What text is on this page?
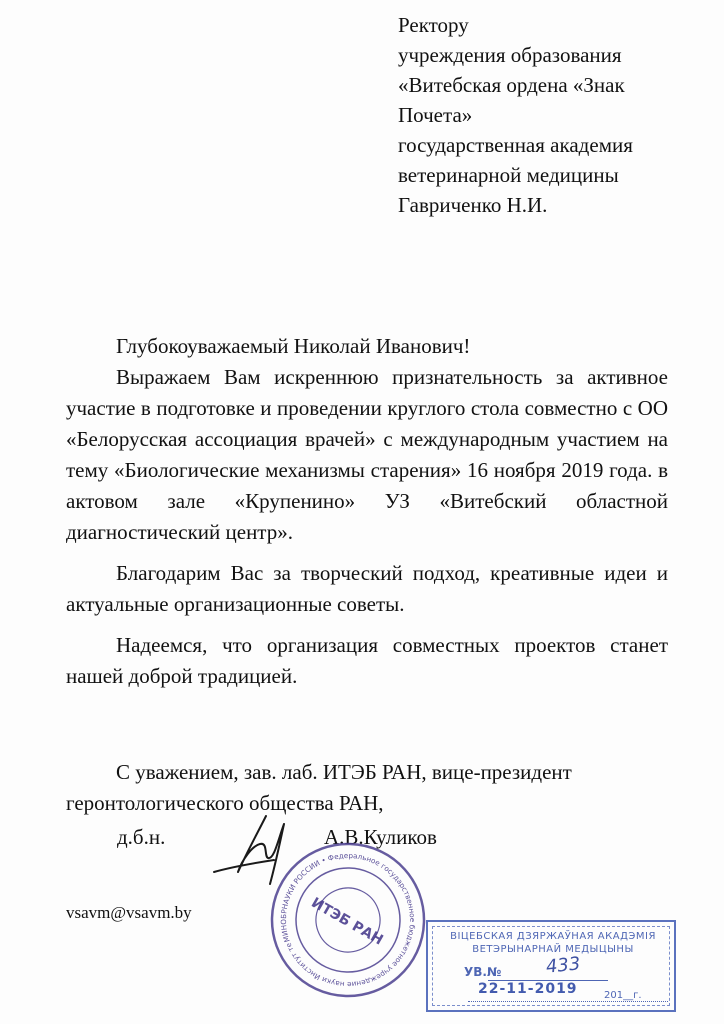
Ректору
учреждения образования
«Витебская ордена «Знак
Почета»
государственная академия
ветеринарной медицины
Гавриченко Н.И.
Глубокоуважаемый Николай Иванович!

Выражаем Вам искреннюю признательность за активное участие в подготовке и проведении круглого стола совместно с ОО «Белорусская ассоциация врачей» с международным участием на тему «Биологические механизмы старения» 16 ноября 2019 года. в актовом зале «Крупенино» УЗ «Витебский областной диагностический центр».

Благодарим Вас за творческий подход, креативные идеи и актуальные организационные советы.

Надеемся, что организация совместных проектов станет нашей доброй традицией.

С уважением, зав. лаб. ИТЭБ РАН, вице-президент
геронтологического общества РАН,
д.б.н.	А.В.Куликов
МИНОБРНАУКИ РОССИИ • Федеральное государственное бюджетное учреждение науки Институт теоретической
ИТЭБ РАН
vsavm@vsavm.by
ВІЦЕБСКАЯ ДЗЯРЖАЎНАЯ АКАДЭМІЯ
ВЕТЭРЫНАРНАЙ МЕДЫЦЫНЫ
УВ.№ 433
22-11-2019	201__г.
